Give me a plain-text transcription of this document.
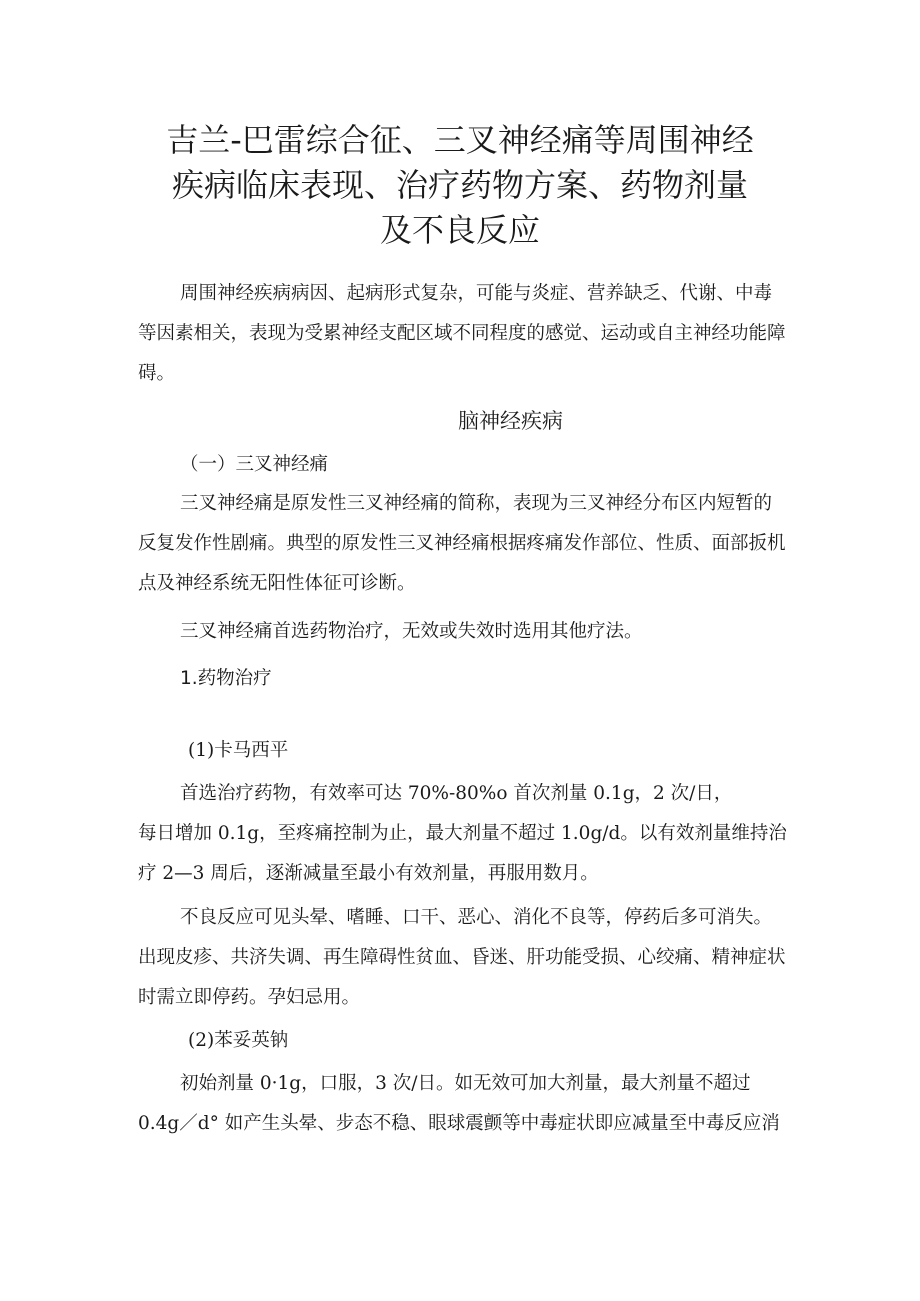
吉兰-巴雷综合征、三叉神经痛等周围神经
疾病临床表现、治疗药物方案、药物剂量
及不良反应
周围神经疾病病因、起病形式复杂，可能与炎症、营养缺乏、代谢、中毒
等因素相关，表现为受累神经支配区域不同程度的感觉、运动或自主神经功能障
碍。
脑神经疾病
（一）三叉神经痛
三叉神经痛是原发性三叉神经痛的简称，表现为三叉神经分布区内短暂的
反复发作性剧痛。典型的原发性三叉神经痛根据疼痛发作部位、性质、面部扳机
点及神经系统无阳性体征可诊断。
三叉神经痛首选药物治疗，无效或失效时选用其他疗法。
1.药物治疗
(1)卡马西平
首选治疗药物，有效率可达 70%-80%o 首次剂量 0.1g，2 次/日，
每日增加 0.1g，至疼痛控制为止，最大剂量不超过 1.0g/d。以有效剂量维持治
疗 2—3 周后，逐渐减量至最小有效剂量，再服用数月。
不良反应可见头晕、嗜睡、口干、恶心、消化不良等，停药后多可消失。
出现皮疹、共济失调、再生障碍性贫血、昏迷、肝功能受损、心绞痛、精神症状
时需立即停药。孕妇忌用。
(2)苯妥英钠
初始剂量 0·1g，口服，3 次/日。如无效可加大剂量，最大剂量不超过
0.4g／d° 如产生头晕、步态不稳、眼球震颤等中毒症状即应减量至中毒反应消
